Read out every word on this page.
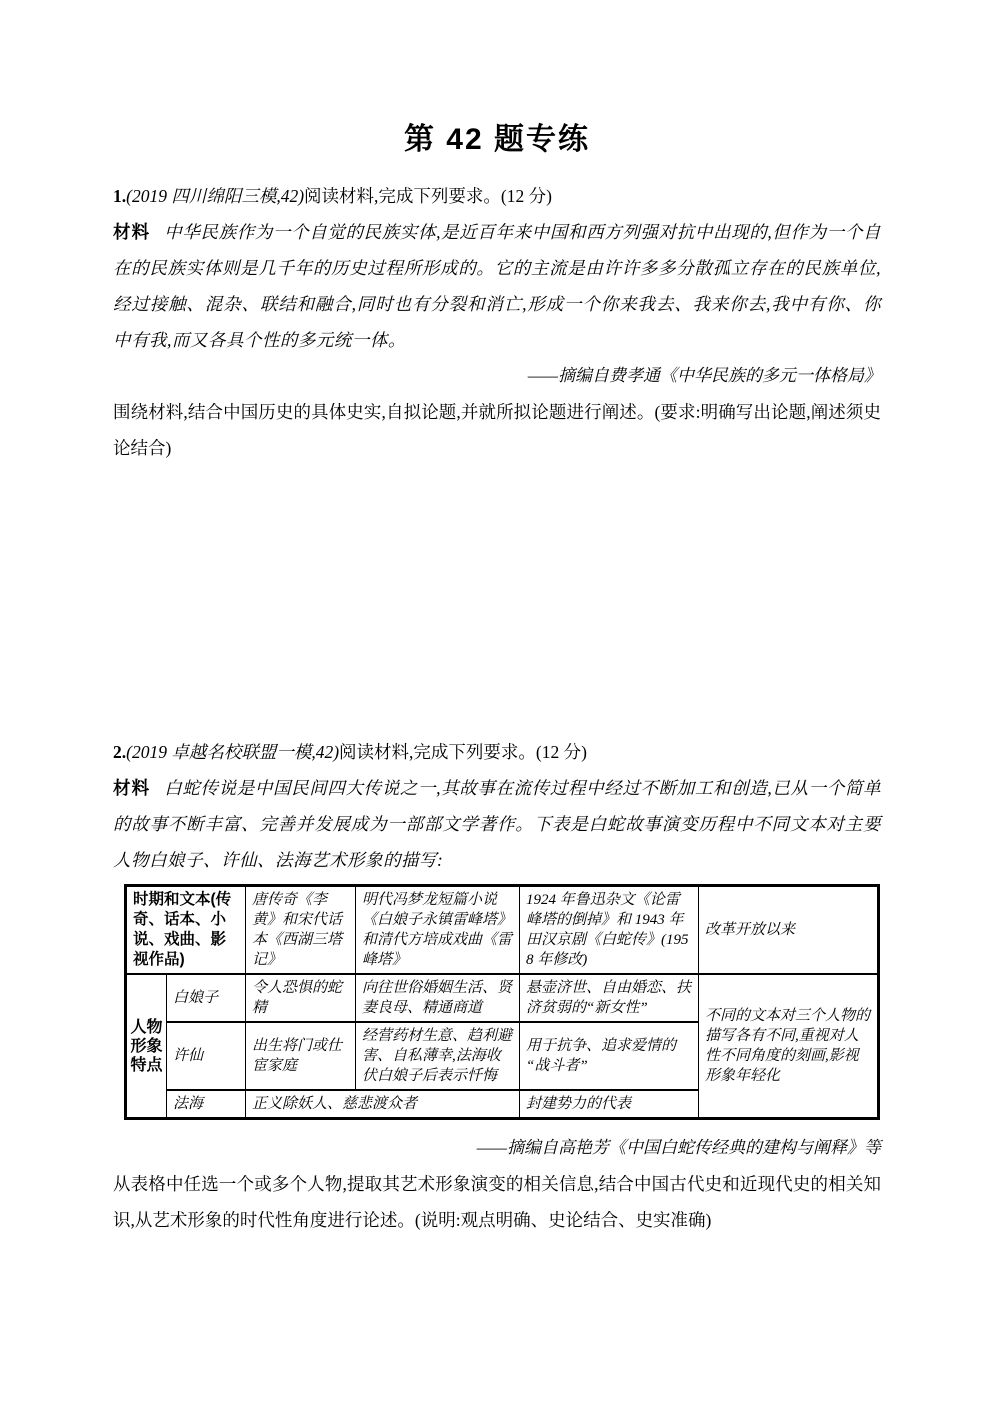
第 42 题专练
1.(2019 四川绵阳三模,42)阅读材料,完成下列要求。(12 分)

材料 中华民族作为一个自觉的民族实体,是近百年来中国和西方列强对抗中出现的,但作为一个自在的民族实体则是几千年的历史过程所形成的。它的主流是由许许多多分散孤立存在的民族单位,经过接触、混杂、联结和融合,同时也有分裂和消亡,形成一个你来我去、我来你去,我中有你、你中有我,而又各具个性的多元统一体。

——摘编自费孝通《中华民族的多元一体格局》

围绕材料,结合中国历史的具体史实,自拟论题,并就所拟论题进行阐述。(要求:明确写出论题,阐述须史论结合)

2.(2019 卓越名校联盟一模,42)阅读材料,完成下列要求。(12 分)

材料 白蛇传说是中国民间四大传说之一,其故事在流传过程中经过不断加工和创造,已从一个简单的故事不断丰富、完善并发展成为一部部文学著作。下表是白蛇故事演变历程中不同文本对主要人物白娘子、许仙、法海艺术形象的描写:

时期和文本(传奇、话本、小说、戏曲、影视作品)		唐传奇《李黄》和宋代话本《西湖三塔记》	明代冯梦龙短篇小说《白娘子永镇雷峰塔》和清代方培成戏曲《雷峰塔》	1924 年鲁迅杂文《论雷峰塔的倒掉》和 1943 年田汉京剧《白蛇传》(1958 年修改)	改革开放以来
人物形象特点	白娘子	令人恐惧的蛇精	向往世俗婚姻生活、贤妻良母、精通商道	悬壶济世、自由婚恋、扶济贫弱的“新女性”	不同的文本对三个人物的描写各有不同,重视对人性不同角度的刻画,影视形象年轻化
	许仙	出生将门或仕宦家庭	经营药材生意、趋利避害、自私薄幸,法海收伏白娘子后表示忏悔	用于抗争、追求爱情的“战斗者”	
	法海	正义除妖人、慈悲渡众者		封建势力的代表	

——摘编自高艳芳《中国白蛇传经典的建构与阐释》等

从表格中任选一个或多个人物,提取其艺术形象演变的相关信息,结合中国古代史和近现代史的相关知识,从艺术形象的时代性角度进行论述。(说明:观点明确、史论结合、史实准确)
